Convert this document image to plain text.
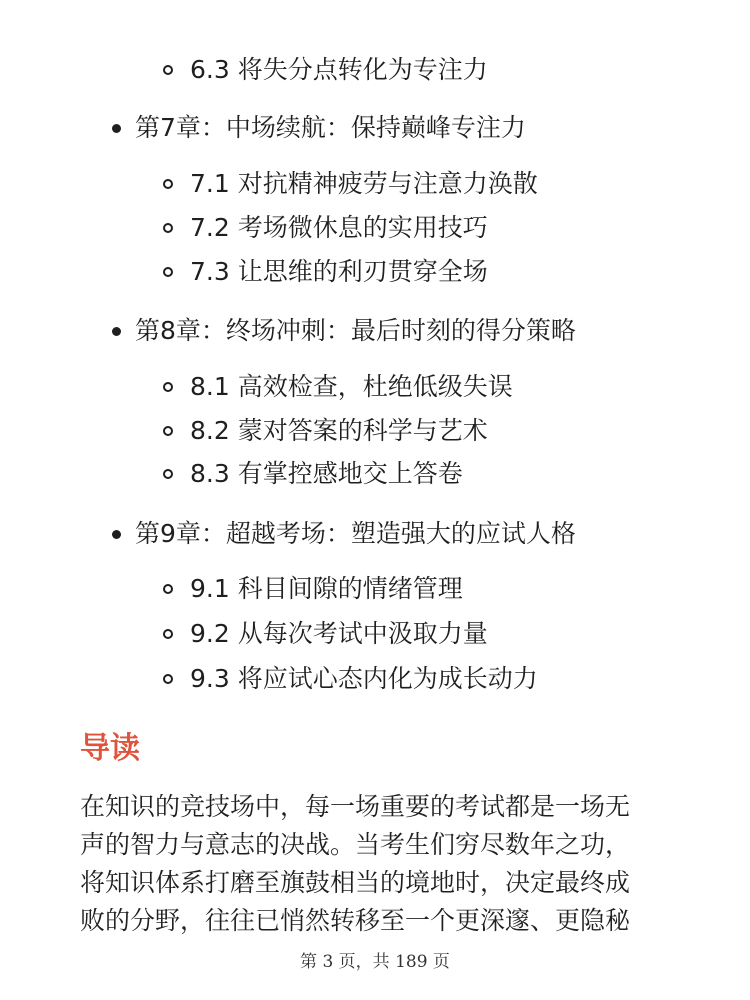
6.3 将失分点转化为专注力
第7章：中场续航：保持巅峰专注力
7.1 对抗精神疲劳与注意力涣散
7.2 考场微休息的实用技巧
7.3 让思维的利刃贯穿全场
第8章：终场冲刺：最后时刻的得分策略
8.1 高效检查，杜绝低级失误
8.2 蒙对答案的科学与艺术
8.3 有掌控感地交上答卷
第9章：超越考场：塑造强大的应试人格
9.1 科目间隙的情绪管理
9.2 从每次考试中汲取力量
9.3 将应试心态内化为成长动力
导读

在知识的竞技场中，每一场重要的考试都是一场无
声的智力与意志的决战。当考生们穷尽数年之功，
将知识体系打磨至旗鼓相当的境地时，决定最终成
败的分野，往往已悄然转移至一个更深邃、更隐秘

第 3 页，共 189 页
